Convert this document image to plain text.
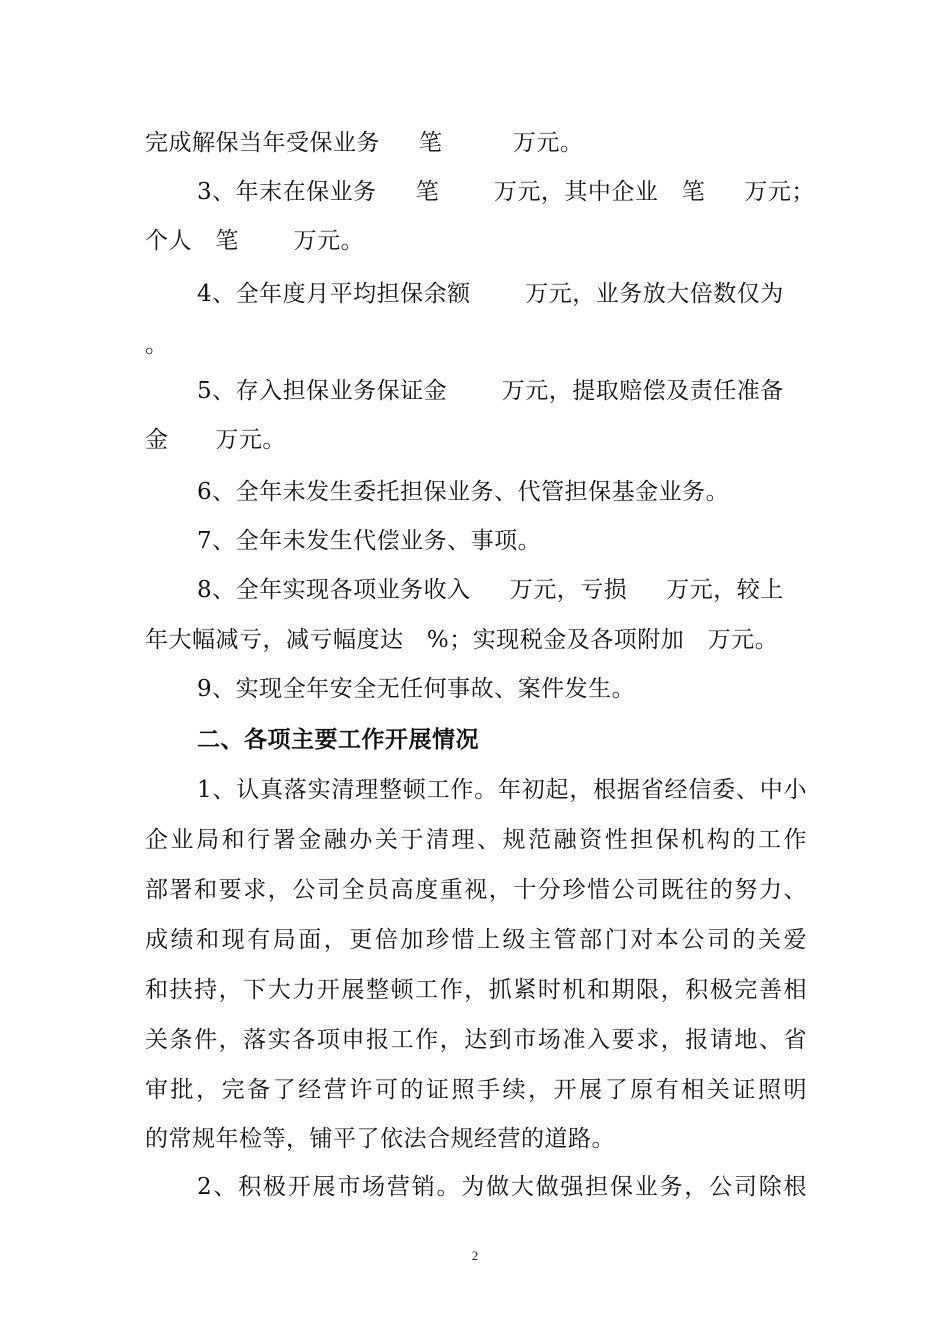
完成解保当年受保业务     笔         万元。
3、年末在保业务     笔       万元，其中企业   笔     万元；
个人   笔       万元。
4、全年度月平均担保余额       万元，业务放大倍数仅为
。
5、存入担保业务保证金       万元，提取赔偿及责任准备
金      万元。
6、全年未发生委托担保业务、代管担保基金业务。
7、全年未发生代偿业务、事项。
8、全年实现各项业务收入     万元，亏损     万元，较上
年大幅减亏，减亏幅度达   %；实现税金及各项附加   万元。
9、实现全年安全无任何事故、案件发生。
二、各项主要工作开展情况
1、认真落实清理整顿工作。年初起，根据省经信委、中小
企业局和行署金融办关于清理、规范融资性担保机构的工作
部署和要求，公司全员高度重视，十分珍惜公司既往的努力、
成绩和现有局面，更倍加珍惜上级主管部门对本公司的关爱
和扶持，下大力开展整顿工作，抓紧时机和期限，积极完善相
关条件，落实各项申报工作，达到市场准入要求，报请地、省
审批，完备了经营许可的证照手续，开展了原有相关证照明
的常规年检等，铺平了依法合规经营的道路。
2、积极开展市场营销。为做大做强担保业务，公司除根
2
